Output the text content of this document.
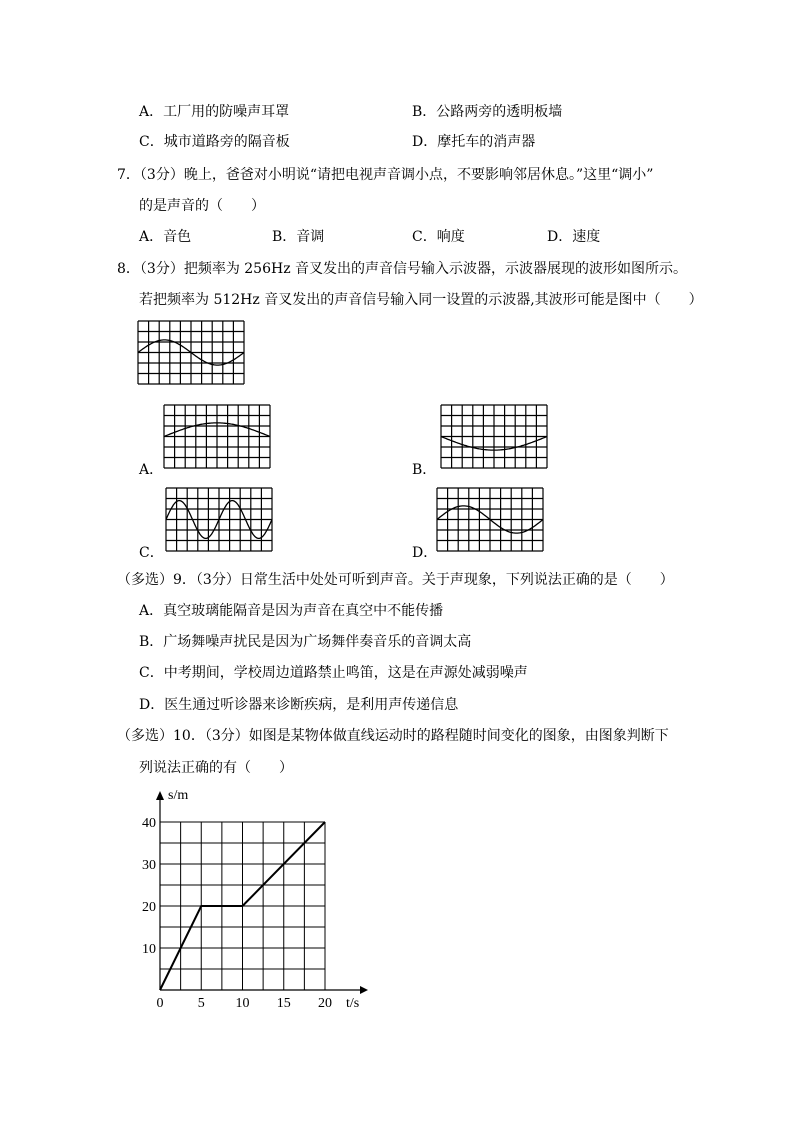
A．工厂用的防噪声耳罩	B．公路两旁的透明板墙
C．城市道路旁的隔音板	D．摩托车的消声器
7．（3分）晚上，爸爸对小明说“请把电视声音调小点，不要影响邻居休息。”这里“调小”
的是声音的（　　）
A．音色	B．音调	C．响度	D．速度
8．（3分）把频率为 256Hz 音叉发出的声音信号输入示波器，示波器展现的波形如图所示。
若把频率为 512Hz 音叉发出的声音信号输入同一设置的示波器,其波形可能是图中（　　）
A．	B．
C．	D．
（多选）9．（3分）日常生活中处处可听到声音。关于声现象，下列说法正确的是（　　）
A．真空玻璃能隔音是因为声音在真空中不能传播
B．广场舞噪声扰民是因为广场舞伴奏音乐的音调太高
C．中考期间，学校周边道路禁止鸣笛，这是在声源处减弱噪声
D．医生通过听诊器来诊断疾病，是利用声传递信息
（多选）10．（3分）如图是某物体做直线运动时的路程随时间变化的图象，由图象判断下
列说法正确的有（　　）
0 5 10 15 20
10
20
30
40
t/s
s/m
